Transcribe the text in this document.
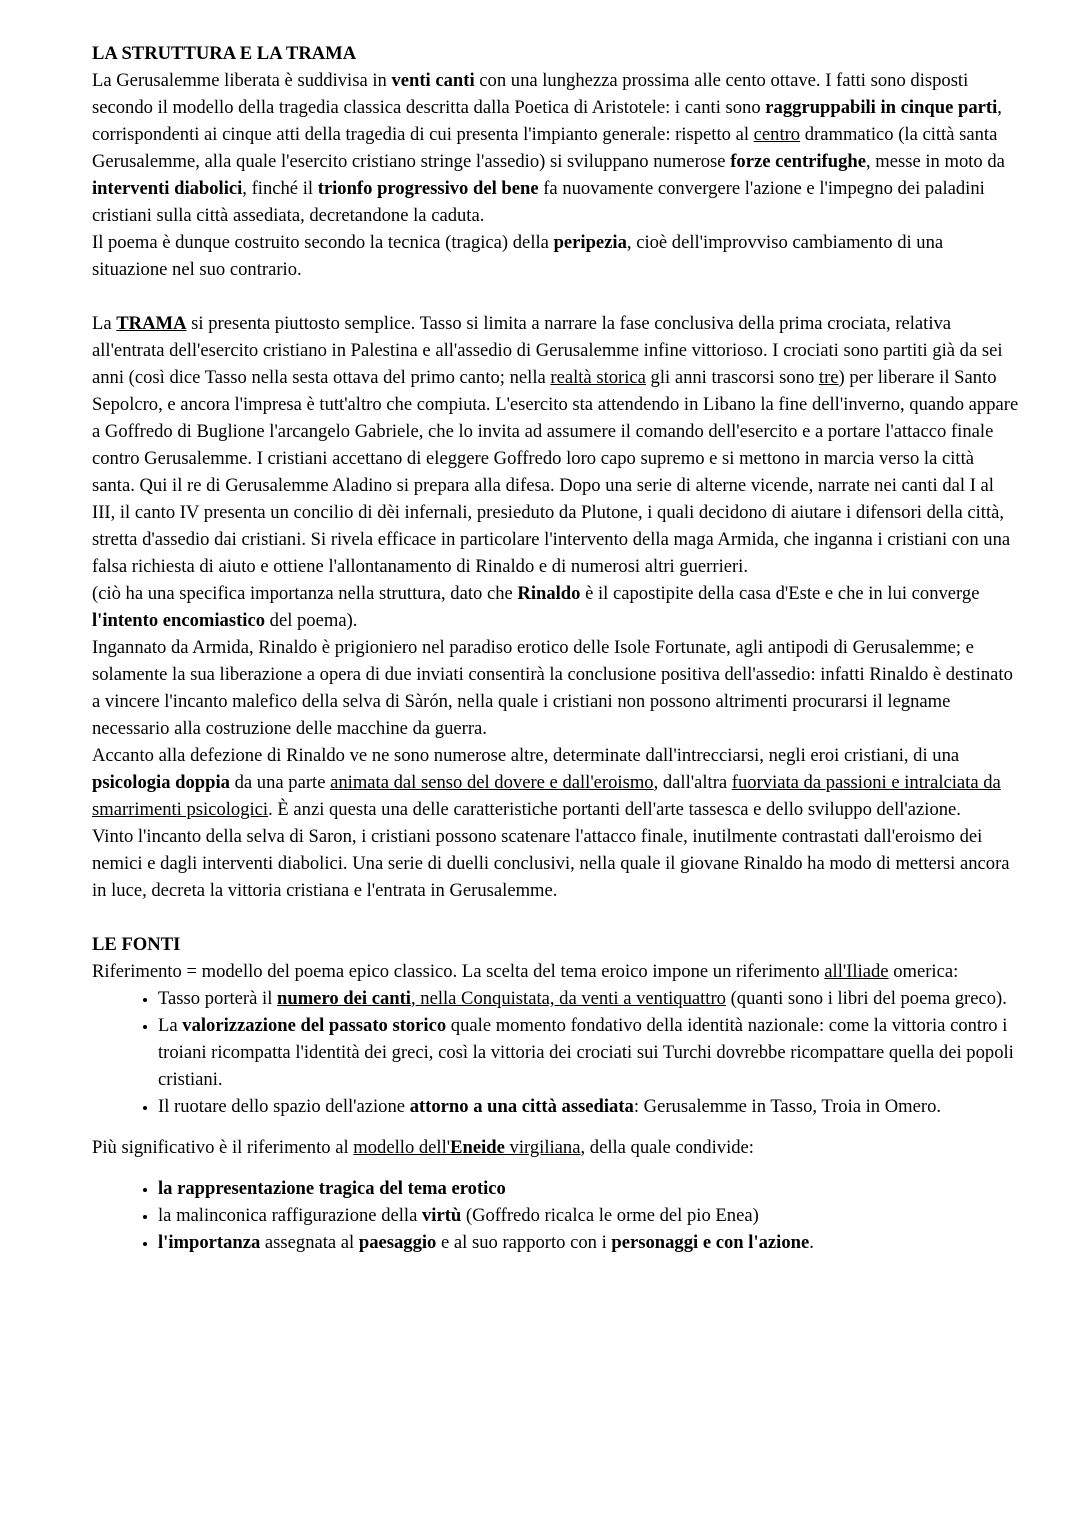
LA STRUTTURA E LA TRAMA

La Gerusalemme liberata è suddivisa in venti canti con una lunghezza prossima alle cento ottave. I fatti sono disposti secondo il modello della tragedia classica descritta dalla Poetica di Aristotele: i canti sono raggruppabili in cinque parti, corrispondenti ai cinque atti della tragedia di cui presenta l'impianto generale: rispetto al centro drammatico (la città santa Gerusalemme, alla quale l'esercito cristiano stringe l'assedio) si sviluppano numerose forze centrifughe, messe in moto da interventi diabolici, finché il trionfo progressivo del bene fa nuovamente convergere l'azione e l'impegno dei paladini cristiani sulla città assediata, decretandone la caduta.

Il poema è dunque costruito secondo la tecnica (tragica) della peripezia, cioè dell'improvviso cambiamento di una situazione nel suo contrario.

La TRAMA si presenta piuttosto semplice. Tasso si limita a narrare la fase conclusiva della prima crociata, relativa all'entrata dell'esercito cristiano in Palestina e all'assedio di Gerusalemme infine vittorioso. I crociati sono partiti già da sei anni (così dice Tasso nella sesta ottava del primo canto; nella realtà storica gli anni trascorsi sono tre) per liberare il Santo Sepolcro, e ancora l'impresa è tutt'altro che compiuta. L'esercito sta attendendo in Libano la fine dell'inverno, quando appare a Goffredo di Buglione l'arcangelo Gabriele, che lo invita ad assumere il comando dell'esercito e a portare l'attacco finale contro Gerusalemme. I cristiani accettano di eleggere Goffredo loro capo supremo e si mettono in marcia verso la città santa. Qui il re di Gerusalemme Aladino si prepara alla difesa. Dopo una serie di alterne vicende, narrate nei canti dal I al III, il canto IV presenta un concilio di dèi infernali, presieduto da Plutone, i quali decidono di aiutare i difensori della città, stretta d'assedio dai cristiani. Si rivela efficace in particolare l'intervento della maga Armida, che inganna i cristiani con una falsa richiesta di aiuto e ottiene l'allontanamento di Rinaldo e di numerosi altri guerrieri.

(ciò ha una specifica importanza nella struttura, dato che Rinaldo è il capostipite della casa d'Este e che in lui converge l'intento encomiastico del poema).

Ingannato da Armida, Rinaldo è prigioniero nel paradiso erotico delle Isole Fortunate, agli antipodi di Gerusalemme; e solamente la sua liberazione a opera di due inviati consentirà la conclusione positiva dell'assedio: infatti Rinaldo è destinato a vincere l'incanto malefico della selva di Sàrón, nella quale i cristiani non possono altrimenti procurarsi il legname necessario alla costruzione delle macchine da guerra.

Accanto alla defezione di Rinaldo ve ne sono numerose altre, determinate dall'intrecciarsi, negli eroi cristiani, di una psicologia doppia da una parte animata dal senso del dovere e dall'eroismo, dall'altra fuorviata da passioni e intralciata da smarrimenti psicologici. È anzi questa una delle caratteristiche portanti dell'arte tassesca e dello sviluppo dell'azione.

Vinto l'incanto della selva di Saron, i cristiani possono scatenare l'attacco finale, inutilmente contrastati dall'eroismo dei nemici e dagli interventi diabolici. Una serie di duelli conclusivi, nella quale il giovane Rinaldo ha modo di mettersi ancora in luce, decreta la vittoria cristiana e l'entrata in Gerusalemme.

LE FONTI

Riferimento = modello del poema epico classico. La scelta del tema eroico impone un riferimento all'Iliade omerica:

• Tasso porterà il numero dei canti, nella Conquistata, da venti a ventiquattro (quanti sono i libri del poema greco).
• La valorizzazione del passato storico quale momento fondativo della identità nazionale: come la vittoria contro i troiani ricompatta l'identità dei greci, così la vittoria dei crociati sui Turchi dovrebbe ricompattare quella dei popoli cristiani.
• Il ruotare dello spazio dell'azione attorno a una città assediata: Gerusalemme in Tasso, Troia in Omero.

Più significativo è il riferimento al modello dell'Eneide virgiliana, della quale condivide:

• la rappresentazione tragica del tema erotico
• la malinconica raffigurazione della virtù (Goffredo ricalca le orme del pio Enea)
• l'importanza assegnata al paesaggio e al suo rapporto con i personaggi e con l'azione.
